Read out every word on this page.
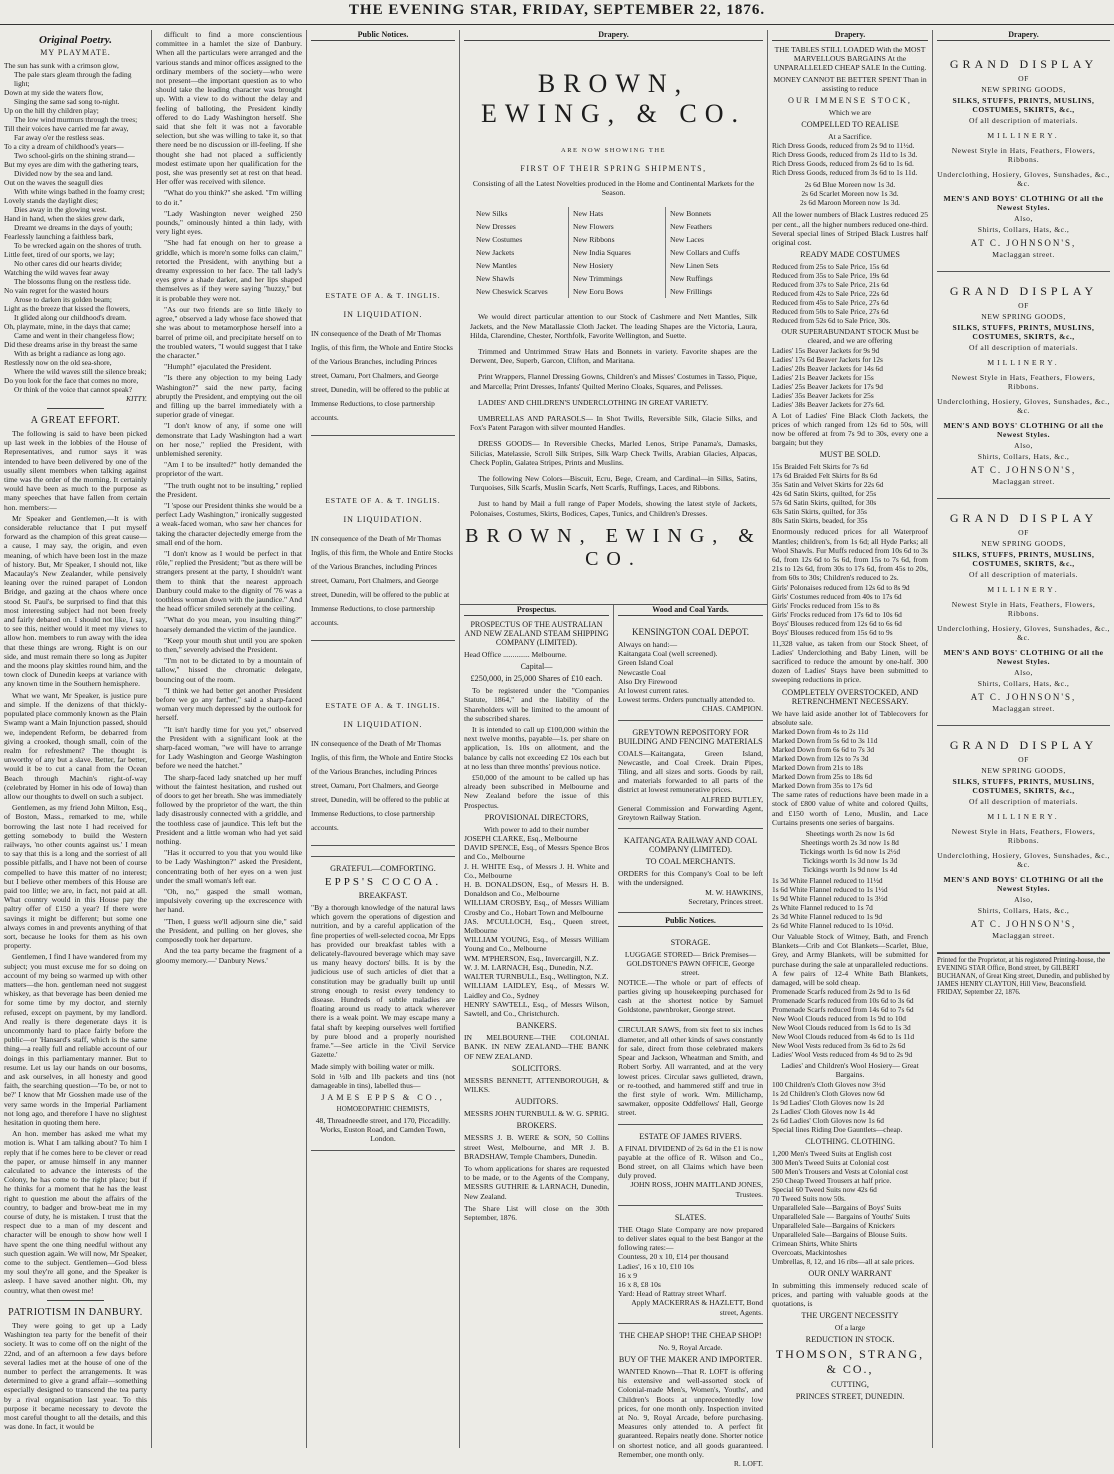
THE EVENING STAR, FRIDAY, SEPTEMBER 22, 1876.
Original Poetry.
MY PLAYMATE.
The sun has sunk with a crimson glow,
The pale stars gleam through the fading light;
Down at my side the waters flow,
Singing the same sad song to-night.
Up on the hill thy children play;
The low wind murmurs through the trees;
Till their voices have carried me far away,
Far away o'er the restless seas.
To a city a dream of childhood's years—
Two school-girls on the shining strand—
But my eyes are dim with the gathering tears,
Divided now by the sea and land.
Out on the waves the seagull dies
With white wings bathed in the foamy crest;
Lovely stands the daylight dies;
Dies away in the glowing west.
Hand in hand, when the skies grew dark,
Dreamt we dreams in the days of youth;
Fearlessly launching a faithless bark,
To be wrecked again on the shores of truth.
Little feet, tired of our sports, we lay;
No other cares did our hearts divide;
Watching the wild waves fear away
The blossoms flung on the restless tide.
No vain regret for the wasted hours
Arose to darken its golden beam;
Light as the breeze that kissed the flowers,
It glided along our childhood's dream.
Oh, playmate, mine, in the days that came;
Came and went in their changeless flow;
Did these dreams arise in thy breast the same
With as bright a radiance as long ago.
Restlessly now on the old sea-shore,
Where the wild waves still the silence break;
Do you look for the face that comes no more,
Or think of the voice that cannot speak?
KITTY.
A GREAT EFFORT.

The following is said to have been picked up last week in the lobbies of the House of Representatives, and rumor says it was intended to have been delivered by one of the usually silent members when talking against time was the order of the morning. It certainly would have been as much to the purpose as many speeches that have fallen from certain hon. members:—

Mr Speaker and Gentlemen,—It is with considerable reluctance that I put myself forward as the champion of this great cause—a cause, I may say, the origin, and even meaning, of which have been lost in the maze of history. But, Mr Speaker, I should not, like Macaulay's New Zealander, while pensively leaning over the ruined parapet of London Bridge, and gazing at the chaos where once stood St. Paul's, be surprised to find that this most interesting subject had not been freely and fairly debated on. I should not like, I say, to see this, neither would it meet my views to allow hon. members to run away with the idea that these things are wrong. Right is on our side, and must remain there so long as Jupiter and the moons play skittles round him, and the town clock of Dunedin keeps at variance with any known time in the Southern hemisphere.

What we want, Mr Speaker, is justice pure and simple. If the denizens of that thickly-populated place commonly known as the Plain Swamp want a Main Injunction passed, should we, independent Reform, be debarred from giving a crooked, though small, coin of the realm for refreshment? The thought is unworthy of any but a slave. Better, far better, would it be to cut a canal from the Ocean Beach through Machin's right-of-way (celebrated by Homer in his ode of Iowa) than allow our thoughts to dwell on such a subject.

Gentlemen, as my friend John Milton, Esq., of Boston, Mass., remarked to me, while borrowing the last note I had received for getting somebody to build the Western railways, 'no other counts against us.' I mean to say that this is a long and the sorriest of all possible pitfalls, and I have not been of course compelled to have this matter of no interest; but I believe other members of this House are paid too little; we are, in fact, not paid at all. What country would in this House pay the paltry offer of £150 a year? If there were savings it might be different; but some one always comes in and prevents anything of that sort, because he looks for them as his own property.

Gentlemen, I find I have wandered from my subject; you must excuse me for so doing on account of my being so warmed up with other matters—the hon. gentleman need not suggest whiskey, as that beverage has been denied me for some time by my doctor, and sternly refused, except on payment, by my landlord. And really is there degenerate days it is uncommonly hard to place fairly before the public—or 'Hansard's staff, which is the same thing—a really full and reliable account of our doings in this parliamentary manner. But to resume. Let us lay our hands on our bosoms, and ask ourselves, in all honesty and good faith, the searching question—'To be, or not to be?' I know that Mr Gosshen made use of the very same words in the Imperial Parliament not long ago, and therefore I have no slightest hesitation in quoting them here.

An hon. member has asked me what my motion is. What I am talking about? To him I reply that if he comes here to be clever or read the paper, or amuse himself in any manner calculated to advance the interests of the Colony, he has come to the right place; but if he thinks for a moment that he has the least right to question me about the affairs of the country, to badger and brow-beat me in my course of duty, he is mistaken. I trust that the respect due to a man of my descent and character will be enough to show how well I have spent the one thing needful without any such question again. We will now, Mr Speaker, come to the subject. Gentlemen—God bless my soul they're all gone, and the Speaker is asleep. I have saved another night. Oh, my country, what then owest me!

PATRIOTISM IN DANBURY.

They were going to get up a Lady Washington tea party for the benefit of their society. It was to come off on the night of the 22nd, and of an afternoon a few days before several ladies met at the house of one of the number to perfect the arrangements. It was determined to give a grand affair—something especially designed to transcend the tea party by a rival organisation last year. To this purpose it became necessary to devote the most careful thought to all the details, and this was done. In fact, it would be

difficult to find a more conscientious committee in a hamlet the size of Danbury. When all the particulars were arranged and the various stands and minor offices assigned to the ordinary members of the society—who were not present—the important question as to who should take the leading character was brought up. With a view to do without the delay and feeling of balloting, the President kindly offered to do Lady Washington herself. She said that she felt it was not a favorable selection, but she was willing to take it, so that there need be no discussion or ill-feeling. If she thought she had not placed a sufficiently modest estimate upon her qualification for the post, she was presently set at rest on that head. Her offer was received with silence.

"What do you think?" she asked. "I'm willing to do it."

"Lady Washington never weighed 250 pounds," ominously hinted a thin lady, with very light eyes.

"She had fat enough on her to grease a griddle, which is more'n some folks can claim," retorted the President, with anything but a dreamy expression to her face. The tall lady's eyes grew a shade darker, and her lips shaped themselves as if they were saying "huzzy," but it is probable they were not.

"As our two friends are so little likely to agree," observed a lady whose face showed that she was about to metamorphose herself into a barrel of prime oil, and precipitate herself on to the troubled waters, "I would suggest that I take the character."

"Humph!" ejaculated the President.

"Is there any objection to my being Lady Washington?" said the new party, facing abruptly the President, and emptying out the oil and filling up the barrel immediately with a superior grade of vinegar.

"I don't know of any, if some one will demonstrate that Lady Washington had a wart on her nose," replied the President, with unblemished serenity.

"Am I to be insulted?" hotly demanded the proprietor of the wart.

"The truth ought not to be insulting," replied the President.

"I 'spose our President thinks she would be a perfect Lady Washington," ironically suggested a weak-faced woman, who saw her chances for taking the character dejectedly emerge from the small end of the horn.

"I don't know as I would be perfect in that rôle," replied the President; "but as there will be strangers present at the party, I shouldn't want them to think that the nearest approach Danbury could make to the dignity of '76 was a toothless woman down with the jaundice." And the head officer smiled serenely at the ceiling.

"What do you mean, you insulting thing?" hoarsely demanded the victim of the jaundice.

"Keep your mouth shut until you are spoken to then," severely advised the President.

"I'm not to be dictated to by a mountain of tallow," hissed the chromatic delegate, bouncing out of the room.

"I think we had better get another President before we go any farther," said a sharp-faced woman very much depressed by the outlook for herself.

"It isn't hardly time for you yet," observed the President with a significant look at the sharp-faced woman, "we will have to arrange for Lady Washington and George Washington before we need the hatchet."

The sharp-faced lady snatched up her muff without the faintest hesitation, and rushed out of doors to get her breath. She was immediately followed by the proprietor of the wart, the thin lady disastrously connected with a griddle, and the toothless case of jaundice. This left but the President and a little woman who had yet said nothing.

"Has it occurred to you that you would like to be Lady Washington?" asked the President, concentrating both of her eyes on a wen just under the small woman's left ear.

"Oh, no," gasped the small woman, impulsively covering up the excrescence with her hand.

"Then, I guess we'll adjourn sine die," said the President, and pulling on her gloves, she composedly took her departure.

And the tea party became the fragment of a gloomy memory.—' Danbury News.'

Public Notices.
ESTATE OF A. & T. INGLIS.
IN LIQUIDATION.
IN consequence of the Death of Mr Thomas Inglis, of this firm, the Whole and Entire Stocks of the Various Branches, including Princes street, Oamaru, Port Chalmers, and George street, Dunedin, will be offered to the public at Immense Reductions, to close partnership accounts.
ESTATE OF A. & T. INGLIS.
IN LIQUIDATION.
IN consequence of the Death of Mr Thomas Inglis, of this firm, the Whole and Entire Stocks of the Various Branches, including Princes street, Oamaru, Port Chalmers, and George street, Dunedin, will be offered to the public at Immense Reductions, to close partnership accounts.
ESTATE OF A. & T. INGLIS.
IN LIQUIDATION.
IN consequence of the Death of Mr Thomas Inglis, of this firm, the Whole and Entire Stocks of the Various Branches, including Princes street, Oamaru, Port Chalmers, and George street, Dunedin, will be offered to the public at Immense Reductions, to close partnership accounts.
GRATEFUL—COMFORTING.
EPPS'S COCOA.
BREAKFAST.
"By a thorough knowledge of the natural laws which govern the operations of digestion and nutrition, and by a careful application of the fine properties of well-selected cocoa, Mr Epps has provided our breakfast tables with a delicately-flavoured beverage which may save us many heavy doctors' bills. It is by the judicious use of such articles of diet that a constitution may be gradually built up until strong enough to resist every tendency to disease. Hundreds of subtle maladies are floating around us ready to attack wherever there is a weak point. We may escape many a fatal shaft by keeping ourselves well fortified by pure blood and a properly nourished frame."—See article in the 'Civil Service Gazette.'
Made simply with boiling water or milk.
Sold in ½lb and 1lb packets and tins (not damageable in tins), labelled thus—
JAMES EPPS & CO.,
HOMOEOPATHIC CHEMISTS,
48, Threadneedle street, and 170, Piccadilly. Works, Euston Road, and Camden Town, London.
Drapery.
BROWN, EWING, & CO.
ARE NOW SHOWING THE
FIRST OF THEIR SPRING SHIPMENTS,
Consisting of all the Latest Novelties produced in the Home and Continental Markets for the Season.
New Silks
New Dresses
New Costumes
New Jackets
New Mantles
New Shawls
New Cheswick Scarves
New Hats
New Flowers
New Ribbons
New India Squares
New Hosiery
New Trimmings
New Eoru Bows
New Bonnets
New Feathers
New Laces
New Collars and Cuffs
New Linen Sets
New Ruffings
New Frillings

We would direct particular attention to our Stock of Cashmere and Nett Mantles, Silk Jackets, and the New Matallassie Cloth Jacket. The leading Shapes are the Victoria, Laura, Hilda, Clarendine, Chester, Northfolk, Favorite Wellington, and Suette.

Trimmed and Untrimmed Straw Hats and Bonnets in variety. Favorite shapes are the Derwent, Dee, Superb, Garcon, Clifton, and Maritana.

Print Wrappers, Flannel Dressing Gowns, Children's and Misses' Costumes in Tasso, Pique, and Marcella; Print Dresses, Infants' Quilted Merino Cloaks, Squares, and Pelisses.

LADIES' AND CHILDREN'S UNDERCLOTHING IN GREAT VARIETY.

UMBRELLAS AND PARASOLS— In Shot Twills, Reversible Silk, Glacie Silks, and Fox's Patent Paragon with silver mounted Handles.

DRESS GOODS— In Reversible Checks, Marled Lenos, Stripe Panama's, Damasks, Silicias, Matelassie, Scroll Silk Stripes, Silk Warp Check Twills, Arabian Glacies, Alpacas, Check Poplin, Galatea Stripes, Prints and Muslins.

The following New Colors—Biscuit, Ecru, Bege, Cream, and Cardinal—in Silks, Satins, Turquoises, Silk Scarfs, Muslin Scarfs, Nett Scarfs, Ruffings, Laces, and Ribbons.

Just to hand by Mail a full range of Paper Models, showing the latest style of Jackets, Polonaises, Costumes, Skirts, Bodices, Capes, Tunics, and Children's Dresses.

BROWN, EWING, & CO.
Prospectus.
PROSPECTUS OF THE AUSTRALIAN AND NEW ZEALAND STEAM SHIPPING COMPANY (LIMITED).
Head Office .............. Melbourne.
Capital—
£250,000, in 25,000 Shares of £10 each.

To be registered under the "Companies Statute, 1864," and the liability of the Shareholders will be limited to the amount of the subscribed shares.

It is intended to call up £100,000 within the next twelve months, payable—1s. per share on application, 1s. 10s on allotment, and the balance by calls not exceeding £2 10s each but at no less than three months' previous notice.

£50,000 of the amount to be called up has already been subscribed in Melbourne and New Zealand before the issue of this Prospectus.

PROVISIONAL DIRECTORS,
With power to add to their number
JOSEPH CLARKE, Esq., Melbourne
DAVID SPENCE, Esq., of Messrs Spence Bros and Co., Melbourne
J. H. WHITE Esq., of Messrs J. H. White and Co., Melbourne
H. B. DONALDSON, Esq., of Messrs H. B. Donaldson and Co., Melbourne
WILLIAM CROSBY, Esq., of Messrs William Crosby and Co., Hobart Town and Melbourne
JAS. M'CULLOCH, Esq., Queen street, Melbourne
WILLIAM YOUNG, Esq., of Messrs William Young and Co., Melbourne
WM. M'PHERSON, Esq., Invercargill, N.Z.
W. J. M. LARNACH, Esq., Dunedin, N.Z.
WALTER TURNBULL, Esq., Wellington, N.Z.
WILLIAM LAIDLEY, Esq., of Messrs W. Laidley and Co., Sydney
HENRY SAWTELL, Esq., of Messrs Wilson, Sawtell, and Co., Christchurch.
BANKERS.
IN MELBOURNE—THE COLONIAL BANK. IN NEW ZEALAND—THE BANK OF NEW ZEALAND.
SOLICITORS.
MESSRS BENNETT, ATTENBOROUGH, & WILKS.
AUDITORS.
MESSRS JOHN TURNBULL & W. G. SPRIG.
BROKERS.
MESSRS J. B. WERE & SON, 50 Collins street West, Melbourne, and MR J. B. BRADSHAW, Temple Chambers, Dunedin.
To whom applications for shares are requested to be made, or to the Agents of the Company, MESSRS GUTHRIE & LARNACH, Dunedin, New Zealand.
The Share List will close on the 30th September, 1876.
Wood and Coal Yards.
KENSINGTON COAL DEPOT.
Always on hand:—
Kaitangata Coal (well screened).
Green Island Coal
Newcastle Coal
Also Dry Firewood
At lowest current rates.
Lowest terms. Orders punctually attended to.
CHAS. CAMPION.
GREYTOWN REPOSITORY FOR BUILDING AND FENCING MATERIALS
COALS—Kaitangata, Green Island, Newcastle, and Coal Creek. Drain Pipes, Tiling, and all sizes and sorts. Goods by rail, and materials forwarded to all parts of the district at lowest remunerative prices.
ALFRED BUTLEY,
General Commission and Forwarding Agent, Greytown Railway Station.
KAITANGATA RAILWAY AND COAL COMPANY (LIMITED).
TO COAL MERCHANTS.
ORDERS for this Company's Coal to be left with the undersigned.
M. W. HAWKINS,
Secretary, Princes street.
Public Notices.
STORAGE.
LUGGAGE STORED— Brick Premises— GOLDSTONE'S PAWN OFFICE, George street.
NOTICE.—The whole or part of effects of parties giving up housekeeping purchased for cash at the shortest notice by Samuel Goldstone, pawnbroker, George street.
CIRCULAR SAWS, from six feet to six inches diameter, and all other kinds of saws constantly for sale, direct from those celebrated makers Spear and Jackson, Wheatman and Smith, and Robert Sorby. All warranted, and at the very lowest prices. Circular saws gullieted, drawn, or re-toothed, and hammered stiff and true in the first style of work. Wm. Millichamp, sawmaker, opposite Oddfellows' Hall, George street.
ESTATE OF JAMES RIVERS.
A FINAL DIVIDEND of 2s 6d in the £1 is now payable at the office of R. Wilson and Co., Bond street, on all Claims which have been duly proved.
JOHN ROSS, JOHN MAITLAND JONES, Trustees.
SLATES.
THE Otago Slate Company are now prepared to deliver slates equal to the best Bangor at the following rates:—
Countess, 20 x 10, £14 per thousand
Ladies', 16 x 10, £10 10s
16 x 9
16 x 8, £8 10s
Yard: Head of Rattray street Wharf.
Apply MACKERRAS & HAZLETT, Bond street, Agents.
THE CHEAP SHOP! THE CHEAP SHOP!
No. 9, Royal Arcade.
BUY OF THE MAKER AND IMPORTER.
WANTED Known—That R. LOFT is offering his extensive and well-assorted stock of Colonial-made Men's, Women's, Youths', and Children's Boots at unprecedentedly low prices, for one month only. Inspection invited at No. 9, Royal Arcade, before purchasing. Measures only attended to. A perfect fit guaranteed. Repairs neatly done. Shorter notice on shortest notice, and all goods guaranteed. Remember, one month only.
R. LOFT.
Drapery.
THE TABLES STILL LOADED With the MOST MARVELLOUS BARGAINS At the UNPARALLELED CHEAP SALE In the Cutting.
MONEY CANNOT BE BETTER SPENT Than in assisting to reduce
OUR IMMENSE STOCK,
Which we are
COMPELLED TO REALISE
At a Sacrifice.
Rich Dress Goods, reduced from 2s 9d to 11½d.
Rich Dress Goods, reduced from 2s 11d to 1s 3d.
Rich Dress Goods, reduced from 2s 6d to 1s 6d.
Rich Dress Goods, reduced from 3s 6d to 1s 11d.
2s 6d Blue Moreen now 1s 3d.
2s 6d Scarlet Moreen now 1s 3d.
2s 6d Maroon Moreen now 1s 3d.
All the lower numbers of Black Lustres reduced 25 per cent., all the higher numbers reduced one-third. Several special lines of Striped Black Lustres half original cost.
READY MADE COSTUMES
Reduced from 25s to Sale Price, 15s 6d
Reduced from 35s to Sale Price, 19s 6d
Reduced from 37s to Sale Price, 21s 6d
Reduced from 42s to Sale Price, 22s 6d
Reduced from 45s to Sale Price, 27s 6d
Reduced from 50s to Sale Price, 27s 6d
Reduced from 52s 6d to Sale Price, 30s.
OUR SUPERABUNDANT STOCK Must be cleared, and we are offering
Ladies' 15s Beaver Jackets for 9s 9d
Ladies' 17s 6d Beaver Jackets for 12s
Ladies' 20s Beaver Jackets for 14s 6d
Ladies' 21s Beaver Jackets for 15s
Ladies' 25s Beaver Jackets for 17s 9d
Ladies' 35s Beaver Jackets for 25s
Ladies' 38s Beaver Jackets for 27s 6d.
A Lot of Ladies' Fine Black Cloth Jackets, the prices of which ranged from 12s 6d to 50s, will now be offered at from 7s 9d to 30s, every one a bargain; but they
MUST BE SOLD.
15s Braided Felt Skirts for 7s 6d
17s 6d Braided Felt Skirts for 8s 6d
35s Satin and Velvet Skirts for 22s 6d
42s 6d Satin Skirts, quilted, for 25s
57s 6d Satin Skirts, quilted, for 30s
63s Satin Skirts, quilted, for 35s
80s Satin Skirts, beaded, for 35s
Enormously reduced prices for all Waterproof Mantles; children's, from 1s 6d; all Hyde Parks; all Wool Shawls. Fur Muffs reduced from 10s 6d to 3s 6d, from 12s 6d to 5s 6d, from 15s to 7s 6d, from 21s to 12s 6d, from 30s to 17s 6d, from 45s to 20s, from 60s to 30s; Children's reduced to 2s.
Girls' Polonaises reduced from 12s 6d to 8s 9d
Girls' Costumes reduced from 40s to 17s 6d
Girls' Frocks reduced from 15s to 8s
Girls' Frocks reduced from 17s 6d to 10s 6d
Boys' Blouses reduced from 12s 6d to 6s 6d
Boys' Blouses reduced from 15s 6d to 9s
11,328 value, as taken from our Stock Sheet, of Ladies' Underclothing and Baby Linen, will be sacrificed to reduce the amount by one-half. 300 dozen of Ladies' Stays have been submitted to sweeping reductions in price.
COMPLETELY OVERSTOCKED, AND RETRENCHMENT NECESSARY.
We have laid aside another lot of Tablecovers for absolute sale.
Marked Down from 4s to 2s 11d
Marked Down from 5s 6d to 3s 11d
Marked Down from 6s 6d to 7s 3d
Marked Down from 12s to 7s 3d
Marked Down from 21s to 18s
Marked Down from 25s to 18s 6d
Marked Down from 35s to 17s 6d
The same rates of reductions have been made in a stock of £800 value of white and colored Quilts, and £150 worth of Leno, Muslin, and Lace Curtains presents one series of bargains.
Sheetings worth 2s now 1s 6d
Sheetings worth 2s 3d now 1s 8d
Tickings worth 1s 6d now 1s 2½d
Tickings worth 1s 3d now 1s 3d
Tickings worth 1s 9d now 1s 4d
1s 3d White Flannel reduced to 11½d
1s 6d White Flannel reduced to 1s 1½d
1s 9d White Flannel reduced to 1s 3½d
2s White Flannel reduced to 1s 7d
2s 3d White Flannel reduced to 1s 9d
2s 6d White Flannel reduced to 1s 10½d.
Our Valuable Stock of Witney, Bath, and French Blankets—Crib and Cot Blankets—Scarlet, Blue, Grey, and Army Blankets, will be submitted for purchase during the sale at unparalleled reductions. A few pairs of 12-4 White Bath Blankets, damaged, will be sold cheap.
Promenade Scarfs reduced from 2s 9d to 1s 6d
Promenade Scarfs reduced from 10s 6d to 3s 6d
Promenade Scarfs reduced from 14s 6d to 7s 6d
New Wool Clouds reduced from 1s 9d to 10d
New Wool Clouds reduced from 1s 6d to 1s 3d
New Wool Clouds reduced from 4s 6d to 1s 11d
New Wool Vests reduced from 3s 6d to 2s 6d
Ladies' Wool Vests reduced from 4s 9d to 2s 9d
Ladies' and Children's Wool Hosiery— Great Bargains.
100 Children's Cloth Gloves now 3½d
1s 2d Children's Cloth Gloves now 6d
1s 9d Ladies' Cloth Gloves now 1s 2d
2s Ladies' Cloth Gloves now 1s 4d
2s 6d Ladies' Cloth Gloves now 1s 6d
Special lines Riding Doe Gauntlets—cheap.
CLOTHING. CLOTHING.
1,200 Men's Tweed Suits at English cost
300 Men's Tweed Suits at Colonial cost
500 Men's Trousers and Vests at Colonial cost
250 Cheap Tweed Trousers at half price.
Special 60 Tweed Suits now 42s 6d
70 Tweed Suits now 50s.
Unparalleled Sale—Bargains of Boys' Suits
Unparalleled Sale — Bargains of Youths' Suits
Unparalleled Sale—Bargains of Knickers
Unparalleled Sale—Bargains of Blouse Suits.
Crimean Shirts, White Shirts
Overcoats, Mackintoshes
Umbrellas, 8, 12, and 16 ribs—all at sale prices.
OUR ONLY WARRANT
In submitting this immensely reduced scale of prices, and parting with valuable goods at the quotations, is
THE URGENT NECESSITY
Of a large
REDUCTION IN STOCK.
THOMSON, STRANG, & CO.,
CUTTING,
PRINCES STREET, DUNEDIN.
Drapery.
GRAND DISPLAY
OF
NEW SPRING GOODS,
SILKS, STUFFS, PRINTS, MUSLINS, COSTUMES, SKIRTS, &c.,
Of all description of materials.
MILLINERY.
Newest Style in Hats, Feathers, Flowers, Ribbons.
Underclothing, Hosiery, Gloves, Sunshades, &c., &c.
MEN'S AND BOYS' CLOTHING Of all the Newest Styles.
Also,
Shirts, Collars, Hats, &c.,
AT C. JOHNSON'S,
Maclaggan street.
GRAND DISPLAY
OF
NEW SPRING GOODS,
SILKS, STUFFS, PRINTS, MUSLINS, COSTUMES, SKIRTS, &c.,
Of all description of materials.
MILLINERY.
Newest Style in Hats, Feathers, Flowers, Ribbons.
Underclothing, Hosiery, Gloves, Sunshades, &c., &c.
MEN'S AND BOYS' CLOTHING Of all the Newest Styles.
Also,
Shirts, Collars, Hats, &c.,
AT C. JOHNSON'S,
Maclaggan street.
GRAND DISPLAY
OF
NEW SPRING GOODS,
SILKS, STUFFS, PRINTS, MUSLINS, COSTUMES, SKIRTS, &c.,
Of all description of materials.
MILLINERY.
Newest Style in Hats, Feathers, Flowers, Ribbons.
Underclothing, Hosiery, Gloves, Sunshades, &c., &c.
MEN'S AND BOYS' CLOTHING Of all the Newest Styles.
Also,
Shirts, Collars, Hats, &c.,
AT C. JOHNSON'S,
Maclaggan street.
GRAND DISPLAY
OF
NEW SPRING GOODS,
SILKS, STUFFS, PRINTS, MUSLINS, COSTUMES, SKIRTS, &c.,
Of all description of materials.
MILLINERY.
Newest Style in Hats, Feathers, Flowers, Ribbons.
Underclothing, Hosiery, Gloves, Sunshades, &c., &c.
MEN'S AND BOYS' CLOTHING Of all the Newest Styles.
Also,
Shirts, Collars, Hats, &c.,
AT C. JOHNSON'S,
Maclaggan street.
Printed for the Proprietor, at his registered Printing-house, the EVENING STAR Office, Bond street, by GILBERT BUCHANAN, of Great King street, Dunedin, and published by JAMES HENRY CLAYTON, Hill View, Beaconsfield. FRIDAY, September 22, 1876.
